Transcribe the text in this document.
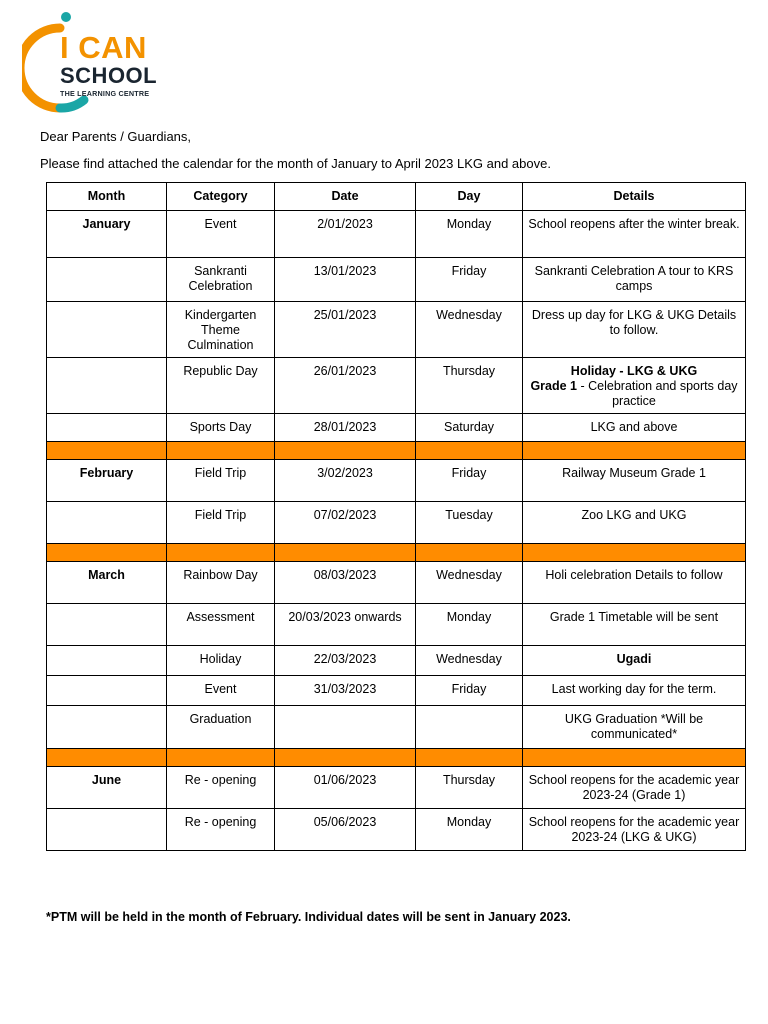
I CAN
SCHOOL
THE LEARNING CENTRE
Dear Parents / Guardians,
Please find attached the calendar for the month of January to April 2023 LKG and above.
Month	Category	Date	Day	Details
January	Event	2/01/2023	Monday	School reopens after the winter break.
	Sankranti Celebration	13/01/2023	Friday	Sankranti Celebration A tour to KRS camps
	Kindergarten Theme Culmination	25/01/2023	Wednesday	Dress up day for LKG & UKG Details to follow.
	Republic Day	26/01/2023	Thursday	Holiday - LKG & UKG
Grade 1 - Celebration and sports day practice

	Sports Day	28/01/2023	Saturday	LKG and above

February	Field Trip	3/02/2023	Friday	Railway Museum Grade 1
	Field Trip	07/02/2023	Tuesday	Zoo LKG and UKG

March	Rainbow Day	08/03/2023	Wednesday	Holi celebration Details to follow
	Assessment	20/03/2023 onwards	Monday	Grade 1 Timetable will be sent
	Holiday	22/03/2023	Wednesday	Ugadi
	Event	31/03/2023	Friday	Last working day for the term.
	Graduation			UKG Graduation *Will be communicated*

June	Re - opening	01/06/2023	Thursday	School reopens for the academic year 2023-24 (Grade 1)
	Re - opening	05/06/2023	Monday	School reopens for the academic year 2023-24 (LKG & UKG)
*PTM will be held in the month of February. Individual dates will be sent in January 2023.
